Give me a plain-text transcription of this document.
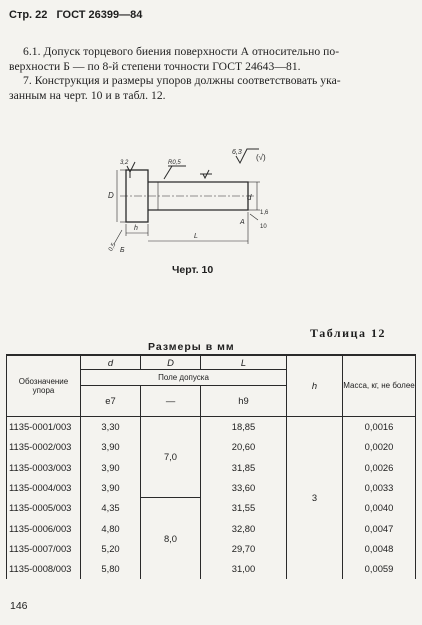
Стр. 22 ГОСТ 26399—84
6.1. Допуск торцевого биения поверхности А относительно по-
верхности Б — по 8-й степени точности ГОСТ 24643—81.
7. Конструкция и размеры упоров должны соответствовать ука-
занным на черт. 10 и в табл. 12.
6,3
(√)
3,2	R0,5
D	d
1,6
10
А
h
L
0,5 Б
Черт. 10
Таблица 12
Размеры в мм
Обозначение упора	d	D	L	h	Масса, кг, не более
	Поле допуска				
	e7	—	h9		
1135-0001/003	3,30	7,0	18,85	3	0,0016
1135-0002/003	3,90		20,60		0,0020
1135-0003/003	3,90		31,85		0,0026
1135-0004/003	3,90		33,60		0,0033
1135-0005/003	4,35	8,0	31,55		0,0040
1135-0006/003	4,80		32,80		0,0047
1135-0007/003	5,20		29,70		0,0048
1135-0008/003	5,80		31,00		0,0059
146
